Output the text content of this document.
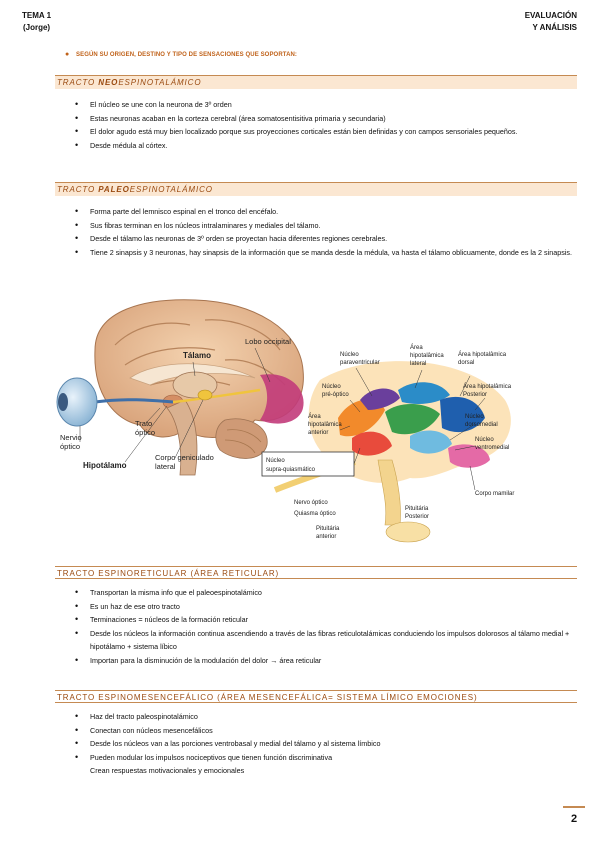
TEMA 1
(Jorge)
EVALUACIÓN
Y ANÁLISIS
● SEGÚN SU ORIGEN, DESTINO Y TIPO DE SENSACIONES QUE SOPORTAN:
TRACTO NEOESPINOTALÁMICO
• El núcleo se une con la neurona de 3º orden
• Estas neuronas acaban en la corteza cerebral (área somatosentisitiva primaria y secundaria)
• El dolor agudo está muy bien localizado porque sus proyecciones corticales están bien definidas y con campos sensoriales pequeños.
• Desde médula al córtex.
TRACTO PALEOESPINOTALÁMICO
• Forma parte del lemnisco espinal en el tronco del encéfalo.
• Sus fibras terminan en los núcleos intralaminares y mediales del tálamo.
• Desde el tálamo las neuronas de 3º orden se proyectan hacia diferentes regiones cerebrales.
• Tiene 2 sinapsis y 3 neuronas, hay sinapsis de la información que se manda desde la médula, va hasta el tálamo oblicuamente, donde es la 2 sinapsis.
Tálamo
Lobo occipital
Trato
óptico
Nervio
óptico
Hipotálamo
Corpo geniculado
lateral
Núcleo
paraventricular
Área
hipotalâmica
lateral
Área hipotalâmica
dorsal
Núcleo
pré-óptico
Área hipotalâmica
Posterior
Área
hipotalâmica
anterior
Núcleo
dorsomedial
Núcleo
ventromedial
Núcleo
supra-quiasmático
Corpo mamilar
Nervo óptico
Quiasma óptico
Pituitária
Posterior
Pituitária
anterior
TRACTO ESPINORETICULAR (ÁREA RETICULAR)
• Transportan la misma info que el paleoespinotalámico
• Es un haz de ese otro tracto
• Terminaciones = núcleos de la formación reticular
• Desde los núcleos la información continua ascendiendo a través de las fibras reticulotalámicas conduciendo los impulsos dolorosos al tálamo medial + hipotálamo + sistema líbico
• Importan para la disminución de la modulación del dolor → área reticular
TRACTO ESPINOMESENCEFÁLICO (ÁREA MESENCEFÁLICA= SISTEMA LÍMICO EMOCIONES)
• Haz del tracto paleospinotalámico
• Conectan con núcleos mesencefálicos
• Desde los núcleos van a las porciones ventrobasal y medial del tálamo y al sistema límbico
• Pueden modular los impulsos nociceptivos que tienen función discriminativa
Crean respuestas motivacionales y emocionales
2
